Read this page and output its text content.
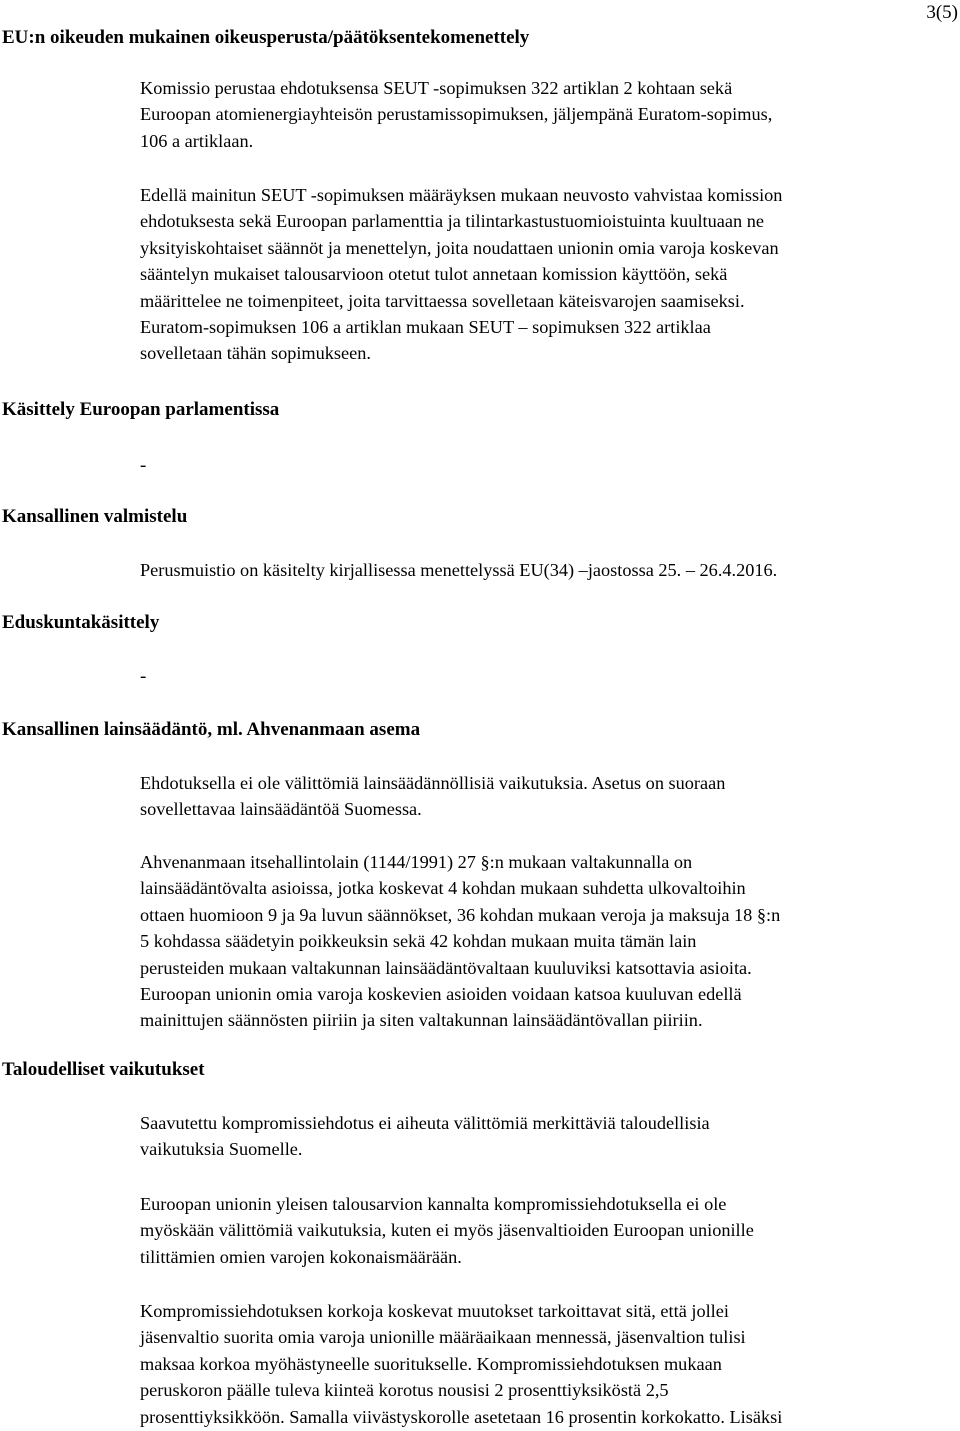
3(5)
EU:n oikeuden mukainen oikeusperusta/päätöksentekomenettely

Komissio perustaa ehdotuksensa SEUT -sopimuksen 322 artiklan 2 kohtaan sekä
Euroopan atomienergiayhteisön perustamissopimuksen, jäljempänä Euratom-sopimus,
106 a artiklaan.

Edellä mainitun SEUT -sopimuksen määräyksen mukaan neuvosto vahvistaa komission
ehdotuksesta sekä Euroopan parlamenttia ja tilintarkastustuomioistuinta kuultuaan ne
yksityiskohtaiset säännöt ja menettelyn, joita noudattaen unionin omia varoja koskevan
sääntelyn mukaiset talousarvioon otetut tulot annetaan komission käyttöön, sekä
määrittelee ne toimenpiteet, joita tarvittaessa sovelletaan käteisvarojen saamiseksi.
Euratom-sopimuksen 106 a artiklan mukaan SEUT – sopimuksen 322 artiklaa
sovelletaan tähän sopimukseen.

Käsittely Euroopan parlamentissa
-
Kansallinen valmistelu

Perusmuistio on käsitelty kirjallisessa menettelyssä EU(34) –jaostossa 25. – 26.4.2016.

Eduskuntakäsittely
-
Kansallinen lainsäädäntö, ml. Ahvenanmaan asema

Ehdotuksella ei ole välittömiä lainsäädännöllisiä vaikutuksia. Asetus on suoraan
sovellettavaa lainsäädäntöä Suomessa.

Ahvenanmaan itsehallintolain (1144/1991) 27 §:n mukaan valtakunnalla on
lainsäädäntövalta asioissa, jotka koskevat 4 kohdan mukaan suhdetta ulkovaltoihin
ottaen huomioon 9 ja 9a luvun säännökset, 36 kohdan mukaan veroja ja maksuja 18 §:n
5 kohdassa säädetyin poikkeuksin sekä 42 kohdan mukaan muita tämän lain
perusteiden mukaan valtakunnan lainsäädäntövaltaan kuuluviksi katsottavia asioita.
Euroopan unionin omia varoja koskevien asioiden voidaan katsoa kuuluvan edellä
mainittujen säännösten piiriin ja siten valtakunnan lainsäädäntövallan piiriin.

Taloudelliset vaikutukset

Saavutettu kompromissiehdotus ei aiheuta välittömiä merkittäviä taloudellisia
vaikutuksia Suomelle.

Euroopan unionin yleisen talousarvion kannalta kompromissiehdotuksella ei ole
myöskään välittömiä vaikutuksia, kuten ei myös jäsenvaltioiden Euroopan unionille
tilittämien omien varojen kokonaismäärään.

Kompromissiehdotuksen korkoja koskevat muutokset tarkoittavat sitä, että jollei
jäsenvaltio suorita omia varoja unionille määräaikaan mennessä, jäsenvaltion tulisi
maksaa korkoa myöhästyneelle suoritukselle. Kompromissiehdotuksen mukaan
peruskoron päälle tuleva kiinteä korotus nousisi 2 prosenttiyksiköstä 2,5
prosenttiyksikköön. Samalla viivästyskorolle asetetaan 16 prosentin korkokatto. Lisäksi
